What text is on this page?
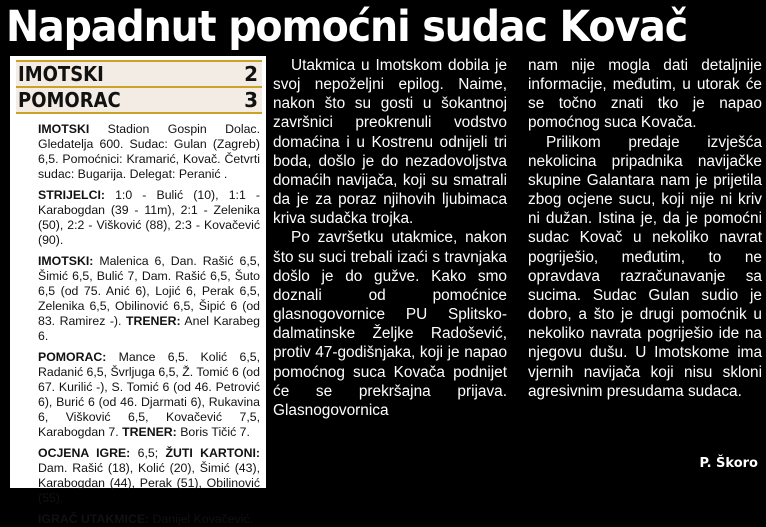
Napadnut pomoćni sudac Kovač
IMOTSKI	2
POMORAC	3

IMOTSKI Stadion Gospin Dolac. Gledatelja 600. Sudac: Gulan (Zagreb) 6,5. Pomoćnici: Kramarić, Kovač. Četvrti sudac: Bugarija. Delegat: Peranić .

STRIJELCI: 1:0 - Bulić (10), 1:1 - Karabogdan (39 - 11m), 2:1 - Zelenika (50), 2:2 - Višković (88), 2:3 - Kovačević (90).

IMOTSKI: Malenica 6, Dan. Rašić 6,5, Šimić 6,5, Bulić 7, Dam. Rašić 6,5, Šuto 6,5 (od 75. Anić 6), Lojić 6, Perak 6,5, Zelenika 6,5, Obilinović 6,5, Šipić 6 (od 83. Ramirez -). TRENER: Anel Karabeg 6.

POMORAC: Mance 6,5. Kolić 6,5, Radanić 6,5, Švrljuga 6,5, Ž. Tomić 6 (od 67. Kurilić -), S. Tomić 6 (od 46. Petrović 6), Burić 6 (od 46. Djarmati 6), Rukavina 6, Višković 6,5, Kovačević 7,5, Karabogdan 7. TRENER: Boris Tičić 7.

OCJENA IGRE: 6,5; ŽUTI KARTONI: Dam. Rašić (18), Kolić (20), Šimić (43), Karabogdan (44), Perak (51), Obilinović (55).

IGRAČ UTAKMICE: Danijel Kovačević.

Utakmica u Imotskom dobila je svoj nepoželjni epilog. Naime, nakon što su gosti u šokantnoj završnici preokrenuli vodstvo domaćina i u Kostrenu odnijeli tri boda, došlo je do nezadovoljstva domaćih navijača, koji su smatrali da je za poraz njihovih ljubimaca kriva sudačka trojka.

Po završetku utakmice, nakon što su suci trebali izaći s travnjaka došlo je do gužve. Kako smo doznali od pomoćnice glasnogovornice PU Splitsko-dalmatinske Željke Radošević, protiv 47-godišnjaka, koji je napao pomoćnog suca Kovača podnijet će se prekršajna prijava. Glasnogovornica

nam nije mogla dati detaljnije informacije, međutim, u utorak će se točno znati tko je napao pomoćnog suca Kovača.

Prilikom predaje izvješća nekolicina pripadnika navijačke skupine Galantara nam je prijetila zbog ocjene sucu, koji nije ni kriv ni dužan. Istina je, da je pomoćni sudac Kovač u nekoliko navrat pogriješio, međutim, to ne opravdava razračunavanje sa sucima. Sudac Gulan sudio je dobro, a što je drugi pomoćnik u nekoliko navrata pogriješio ide na njegovu dušu. U Imotskome ima vjernih navijača koji nisu skloni agresivnim presudama sudaca.

P. Škoro
